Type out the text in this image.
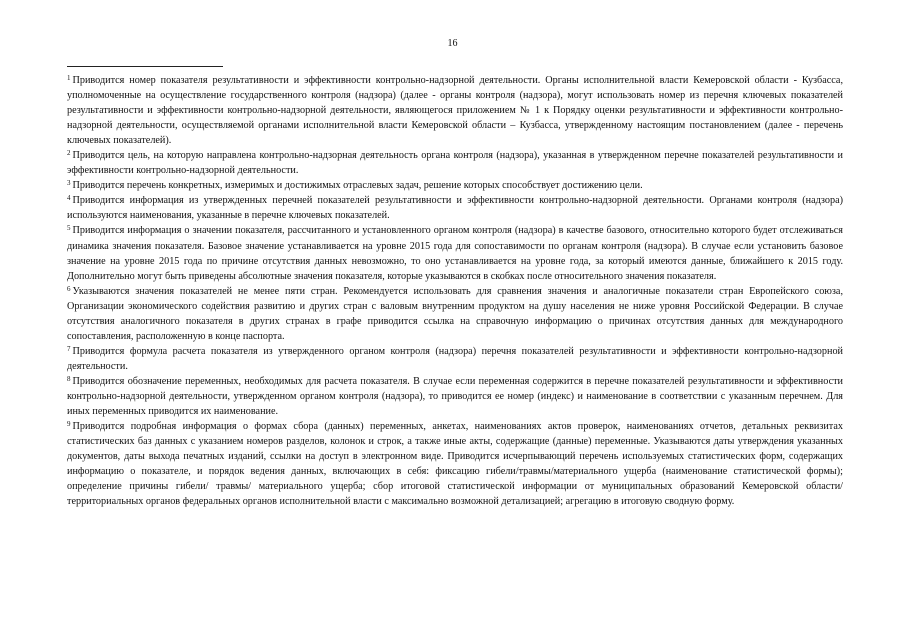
16

$^1$ Приводится номер показателя результативности и эффективности контрольно-надзорной деятельности. Органы исполнительной власти Кемеровской области - Кузбасса, уполномоченные на осуществление государственного контроля (надзора) (далее - органы контроля (надзора), могут использовать номер из перечня ключевых показателей результативности и эффективности контрольно-надзорной деятельности, являющегося приложением № 1 к Порядку оценки результативности и эффективности контрольно-надзорной деятельности, осуществляемой органами исполнительной власти Кемеровской области – Кузбасса, утвержденному настоящим постановлением (далее - перечень ключевых показателей).

$^2$ Приводится цель, на которую направлена контрольно-надзорная деятельность органа контроля (надзора), указанная в утвержденном перечне показателей результативности и эффективности контрольно-надзорной деятельности.

$^3$ Приводится перечень конкретных, измеримых и достижимых отраслевых задач, решение которых способствует достижению цели.

$^4$ Приводится информация из утвержденных перечней показателей результативности и эффективности контрольно-надзорной деятельности. Органами контроля (надзора) используются наименования, указанные в перечне ключевых показателей.

$^5$ Приводится информация о значении показателя, рассчитанного и установленного органом контроля (надзора) в качестве базового, относительно которого будет отслеживаться динамика значения показателя. Базовое значение устанавливается на уровне 2015 года для сопоставимости по органам контроля (надзора). В случае если установить базовое значение на уровне 2015 года по причине отсутствия данных невозможно, то оно устанавливается на уровне года, за который имеются данные, ближайшего к 2015 году. Дополнительно могут быть приведены абсолютные значения показателя, которые указываются в скобках после относительного значения показателя.

$^6$ Указываются значения показателей не менее пяти стран. Рекомендуется использовать для сравнения значения и аналогичные показатели стран Европейского союза, Организации экономического содействия развитию и других стран с валовым внутренним продуктом на душу населения не ниже уровня Российской Федерации. В случае отсутствия аналогичного показателя в других странах в графе приводится ссылка на справочную информацию о причинах отсутствия данных для международного сопоставления, расположенную в конце паспорта.

$^7$ Приводится формула расчета показателя из утвержденного органом контроля (надзора) перечня показателей результативности и эффективности контрольно-надзорной деятельности.

$^8$ Приводится обозначение переменных, необходимых для расчета показателя. В случае если переменная содержится в перечне показателей результативности и эффективности контрольно-надзорной деятельности, утвержденном органом контроля (надзора), то приводится ее номер (индекс) и наименование в соответствии с указанным перечнем. Для иных переменных приводится их наименование.

$^9$ Приводится подробная информация о формах сбора (данных) переменных, анкетах, наименованиях актов проверок, наименованиях отчетов, детальных реквизитах статистических баз данных с указанием номеров разделов, колонок и строк, а также иные акты, содержащие (данные) переменные. Указываются даты утверждения указанных документов, даты выхода печатных изданий, ссылки на доступ в электронном виде. Приводится исчерпывающий перечень используемых статистических форм, содержащих информацию о показателе, и порядок ведения данных, включающих в себя: фиксацию гибели/травмы/материального ущерба (наименование статистической формы); определение причины гибели/ травмы/ материального ущерба; сбор итоговой статистической информации от муниципальных образований Кемеровской области/ территориальных органов федеральных органов исполнительной власти с максимально возможной детализацией; агрегацию в итоговую сводную форму.
